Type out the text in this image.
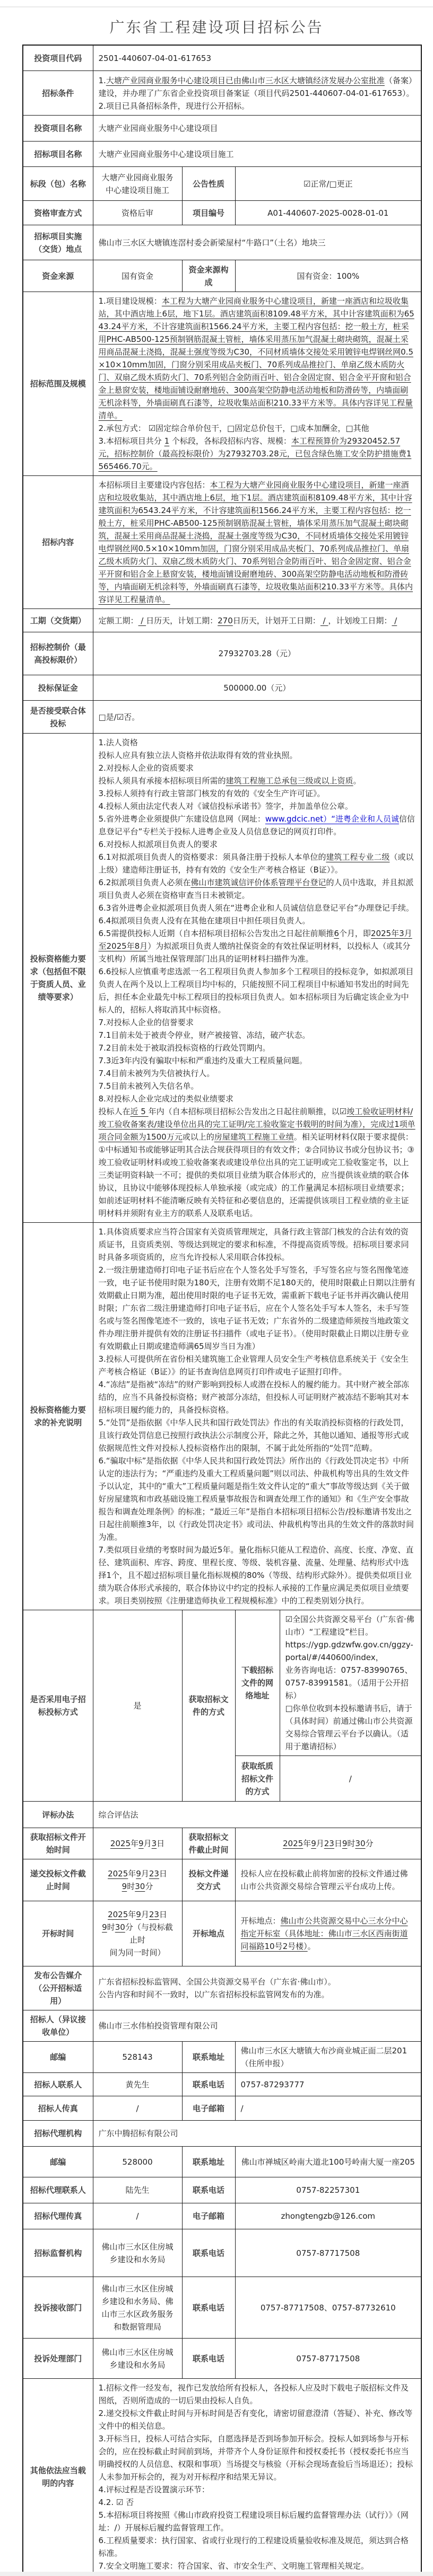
广东省工程建设项目招标公告
投资项目代码	2501-440607-04-01-617653			

招标条件	1.大塘产业园商业服务中心建设项目已由佛山市三水区大塘镇经济发展办公室批准（备案）建设，并办理了广东省企业投资项目备案证（项目代码2501-440607-04-01-617653）。
2.项目已具备招标条件，现进行公开招标。			

投资项目名称	大塘产业园商业服务中心建设项目			

招标项目名称	大塘产业园商业服务中心建设项目施工			

标段（包）名称	大塘产业园商业服务中心建设项目施工	公告性质	☑正常/□更正	

资格审查方式	资格后审	项目编号	A01-440607-2025-0028-01-01	

招标项目实施（交货）地点	佛山市三水区大塘镇连滘村委会新梁屋村“牛路口”（土名）地块三			

资金来源	国有资金	资金来源构成	国有资金：100%	

招标范围及规模	1.项目建设规模：本工程为大塘产业园商业服务中心建设项目，新建一座酒店和垃圾收集站，其中酒店地上6层，地下1层。酒店建筑面积8109.48平方米，其中计容建筑面积为6543.24平方米，不计容建筑面积1566.24平方米，主要工程内容包括：挖一般土方，桩采用PHC-AB500-125预制钢筋混凝土管桩，墙体采用蒸压加气混凝土砌块砌筑，混凝土采用商品混凝土浇捣，混凝土强度等级为C30，不同材质墙体交接处采用镀锌电焊钢丝网0.5×10×10mm加固，门窗分别采用成品夹板门、70系列成品推拉门、单扇乙级木质防火门、双扇乙级木质防火门、70系列铝合金防雨百叶、铝合金固定窗、铝合金平开窗和铝合金上悬窗安装，楼地面铺设耐磨地砖、300高架空防静电活动地板和防滑砖等，内墙面刷无机涂料等，外墙面刷真石漆等，垃圾收集站面积210.33平方米等。具体内容详见工程量清单。
2.承包方式： ☑固定综合单价包干，□固定总价包干，□成本加酬金，□其他
3.本招标项目共分 1 个标段，各标段招标内容、规模：本工程预算价为29320452.57元，招标控制价（最高投标限价）为27932703.28元，已包含绿色施工安全防护措施费1565466.70元。			

招标内容	本招标项目主要建设内容包括：本工程为大塘产业园商业服务中心建设项目，新建一座酒店和垃圾收集站，其中酒店地上6层，地下1层。酒店建筑面积8109.48平方米，其中计容建筑面积为6543.24平方米，不计容建筑面积1566.24平方米，主要工程内容包括：挖一般土方，桩采用PHC-AB500-125预制钢筋混凝土管桩，墙体采用蒸压加气混凝土砌块砌筑，混凝土采用商品混凝土浇捣，混凝土强度等级为C30，不同材质墙体交接处采用镀锌电焊钢丝网0.5×10×10mm加固，门窗分别采用成品夹板门、70系列成品推拉门、单扇乙级木质防火门、双扇乙级木质防火门、70系列铝合金防雨百叶、铝合金固定窗、铝合金平开窗和铝合金上悬窗安装，楼地面铺设耐磨地砖、300高架空防静电活动地板和防滑砖等，内墙面刷无机涂料等，外墙面刷真石漆等，垃圾收集站面积210.33平方米等。具体内容详见工程量清单。			

工期（交货期）	定额工期： / 日历天，计划工期：270日历天，计划开工日期： / ，计划竣工日期： /			

招标控制价（最高投标限价）	27932703.28（元）			

投标保证金	500000.00（元）			

是否接受联合体投标	□是/☑否。			

投标资格能力要求（包括但不限于资质人员、业绩等要求）	
1.法人资格
投标人应具有独立法人资格并依法取得有效的营业执照。
2.对投标人企业的资质要求
投标人须具有承接本招标项目所需的建筑工程施工总承包三级或以上资质。
3.投标人须持有行政主管部门核发的有效的《安全生产许可证》。
4.投标人须由法定代表人对《诚信投标承诺书》签字，并加盖单位公章。
5.省外进粤企业须提供广东建设信息网（网址：www.gdcic.net）“进粤企业和人员诚信信息登记平台”专栏关于投标人进粤企业及人员信息登记的网页打印件。
6.对投标人拟派项目负责人的要求
6.1对拟派项目负责人的资格要求：须具备注册于投标人本单位的建筑工程专业二级（或以上级）建造师注册证书，持有有效的《安全生产考核合格证（B证）》。
6.2拟派项目负责人必须在佛山市建筑诚信评价体系管理平台登记的人员中选取，并且拟派项目负责人必须在资格审查当日未被锁定。
6.3省外进粤企业拟派项目负责人须在“进粤企业和人员诚信信息登记平台”办理登记手续。
6.4拟派项目负责人没有在其他在建项目中担任项目负责人。
6.5需提供投标人近期（自本招标项目招标公告发出之日起往前顺推6个月，即2025年3月至2025年8月）为拟派项目负责人缴纳社保资金的有效社保证明材料，以投标人（或其分支机构）所属当地社保管理部门出具的证明材料扫描件为准。
6.6投标人应慎重考虑选派一名工程项目负责人参加多个工程项目的投标竞争，如拟派项目负责人在两个及以上工程项目均中标的，只能按照不同工程项目中标通知书发出的时间先后，担任本企业最先中标工程项目的投标项目负责人。如本招标项目为后确定该企业为中标人的，招标人将取消其中标资格。
7.对投标人企业的信誉要求
7.1目前未处于被责令停业，财产被接管、冻结，破产状态。
7.2目前未处于被取消投标资格的行政处罚期内。
7.3近3年内没有骗取中标和严重违约及重大工程质量问题。
7.4目前未被列为失信被执行人。
7.5目前未被列入失信名单。
8.对投标人企业完成过的类似业绩要求
投标人在近 5 年内（自本招标项目招标公告发出之日起往前顺推，以☑竣工验收证明材料/竣工验收备案表/建设单位出具的完工证明/完工验收鉴定书载明的时间为准），完成过1项单项合同金额为1500万元或以上的房屋建筑工程施工业绩。相关证明材料仅限于要求提供：①中标通知书或能够证明其合法合规获得项目的有效文件；②合同协议书或分包协议书；③竣工验收证明材料或竣工验收备案表或建设单位出具的完工证明或完工验收鉴定书，以上三类证明资料缺一不可；提供的类似项目业绩为联合体形式的，应当提供该业绩的联合体协议，且协议中能够体现投标人单独承接（或完成）的工作量满足本招标项目业绩要求；如前述证明材料不能清晰反映有关特征和必要信息的，还需提供该项目工程业绩的业主证明材料并须附有业主方的联系人及联系电话。

投标资格能力要求的补充说明	
1.具体资质要求应当符合国家有关资质管理规定，具备行政主管部门核发的合法有效的资质证书，且资质类别、等级达到规定的要求和标准，不得提高资质等级。招标项目要求同时具备多项资质的，应当允许投标人采用联合体投标。
2.一级注册建造师打印电子证书后应在个人签名处手写签名，手写签名应与签名图像笔迹一致，电子证书使用时限为180天，注册有效期不足180天的，使用时限截止日期以注册有效期截止日期为准，超出使用时限的电子证书无效，需重新下载电子证书并再次确认使用时限；广东省二级注册建造师打印电子证书后，应在个人签名处手写本人签名，未手写签名或与签名图像笔迹不一致的，该电子证书无效；广东省外的二级建造师须按当地政策文件办理注册并提供有效的注册证书扫描件（或电子证书）。（使用时限截止日期以注册专业有效期截止日期或建造师满65周岁当日为准）
3.投标人可提供所在省份相关建筑施工企业管理人员安全生产考核信息系统关于《安全生产考核合格证（B证）》的证书查询信息网页打印件或电子证照打印件。
4.“冻结”是指被“冻结”的财产影响到投标人或潜在投标人的履约能力。其中财产被全部冻结的，应当不具备投标资格；财产被部分冻结，但投标人可证明财产被冻结不影响其对本招标项目履约能力的，具备投标资格。
5.“处罚”是指依据《中华人民共和国行政处罚法》作出的有关取消投标资格的行政处罚，且该行政处罚信息已按照行政执法公示制度公开，除此之外，其他以通知、通报等形式或依据规范性文件对投标人投标资格作出的限制，不属于此处所指的“处罚”范畴。
6.“骗取中标”是指依据《中华人民共和国行政处罚法》所作出的《行政处罚决定书》中所认定的违法行为；“严重违约及重大工程质量问题”则以司法、仲裁机构等出具的生效文件予以认定，其中的“重大”工程质量问题是指生效文件认定的“重大”事故等级达到《关于做好房屋建筑和市政基础设施工程质量事故报告和调查处理工作的通知》和《生产安全事故报告和调查处理条例》的标准；“最近三年”是指自本招标项目招标公告/投标邀请书发出之日起往前顺推3年，以《行政处罚决定书》或司法、仲裁机构等出具的生效文件的落款时间为准。
7.类似项目业绩的考察时间为最近5年。量化指标只能从工程造价、高度、长度、净宽、直径、建筑面积、库容、跨度、里程长度、等级、装机容量、流量、处理量、结构形式中选择1个，且不超过招标项目量化指标规模的80%（等级、结构形式除外）。提供类似项目业绩为联合体形式承接的，联合体协议中约定的投标人承接的工作量应满足类似项目业绩要求。项目类别按照《注册建造师执业工程规模标准》中的工程类别划分执行。

是否采用电子招标投标方式	是	获取招标文件的方式	下载招标文件的网络地址	☑全国公共资源交易平台（广东省·佛山市）“工程建设”栏目。
https://ygp.gdzwfw.gov.cn/ggzy-portal/#/440600/index，
业务咨询电话：0757-83990765、0757-83991581。（适用于公开招标）
□你单位收到本投标邀请书后，请于（具体时间）前通过佛山市公共资源交易综合管理云平台予以确认。（适用于邀请招标）

			获取纸质招标文件的方式	/

评标办法	综合评估法			

获取招标文件开始时间	2025年9月3日	获取招标文件截止时间	2025年9月23日9时30分	

递交投标文件截止时间	2025年9月23日
9时30分	投标文件递交方式	投标人应在投标截止前将加密的投标文件通过佛山市公共资源交易综合管理云平台成功上传。	

开标时间	2025年9月23日
9时30分（与投标截止时
间为同一时间）	开标地点	开标地点：佛山市公共资源交易中心三水分中心指定开标室（具体地址：佛山市三水区西南街道同福路10号2号楼）。	

发布公告媒介（公开招标适用）	广东省招标投标监管网、全国公共资源交易平台（广东省·佛山市）。
公告内容和时间不一致时，以广东省招标投标监管网发布的为准。			

招标人（异议接收单位）	佛山市三水伟柏投资管理有限公司			

邮编	528143	联系地址	佛山市三水区大塘镇大布沙商业城正面二层201（住所申报）	

招标人联系人	黄先生	联系电话	0757-87293777	

招标人传真	/	电子邮箱	/	

招标代理机构	广东中腾招标有限公司			

邮编	528000	联系地址	佛山市禅城区岭南大道北100号岭南大厦一座205	

招标代理联系人	陆先生	联系电话	0757-82257301	

招标代理传真	/	电子邮箱	zhongtengzb@126.com	

招标监督机构	佛山市三水区住房城乡建设和水务局	联系电话	0757-87717508	

投诉接收部门	佛山市三水区住房城乡建设和水务局、佛山市三水区政务服务和数据管理局	联系电话	0757-87717508、0757-87732610	

投诉处理部门	佛山市三水区住房城乡建设和水务局	联系电话	0757-87717508	

其他依法应当载明的内容	
1.招标文件一经发布，视作已发放给所有投标人，各投标人应及时下载电子版招标文件及图纸，否则所造成的一切后果由投标人自负。
2.递交投标文件截止时间与开标时间是否有变化，请密切留意澄清（答疑）、补充、修改等文件中的相关信息。
3.开标当日，投标人可结合实际，自愿选择是否到场参加开标会。投标人如到场参与开标会的，应在投标截止时间前到场，并带齐个人身份证原件和授权委托书（授权委托书应当明确授权的人员信息、权限和事项）当场提交与核验（开标会现场查验后当场退还）；投标人未参加开标会的，视为对开标程序和结果无异议。
4.评标过程是否设置演示环节：
4.2. ☑ 否
5.本招标项目将按照《佛山市政府投资工程建设项目标后履约监督管理办法（试行）》（网址：/）开展标后履约监督管理工作。
6.工程质量要求：执行国家、省或行业现行的工程建设质量验收标准及规范，须达到合格标准。
7.安全文明施工要求：符合国家、省、市安全生产、文明施工管理相关规定。
